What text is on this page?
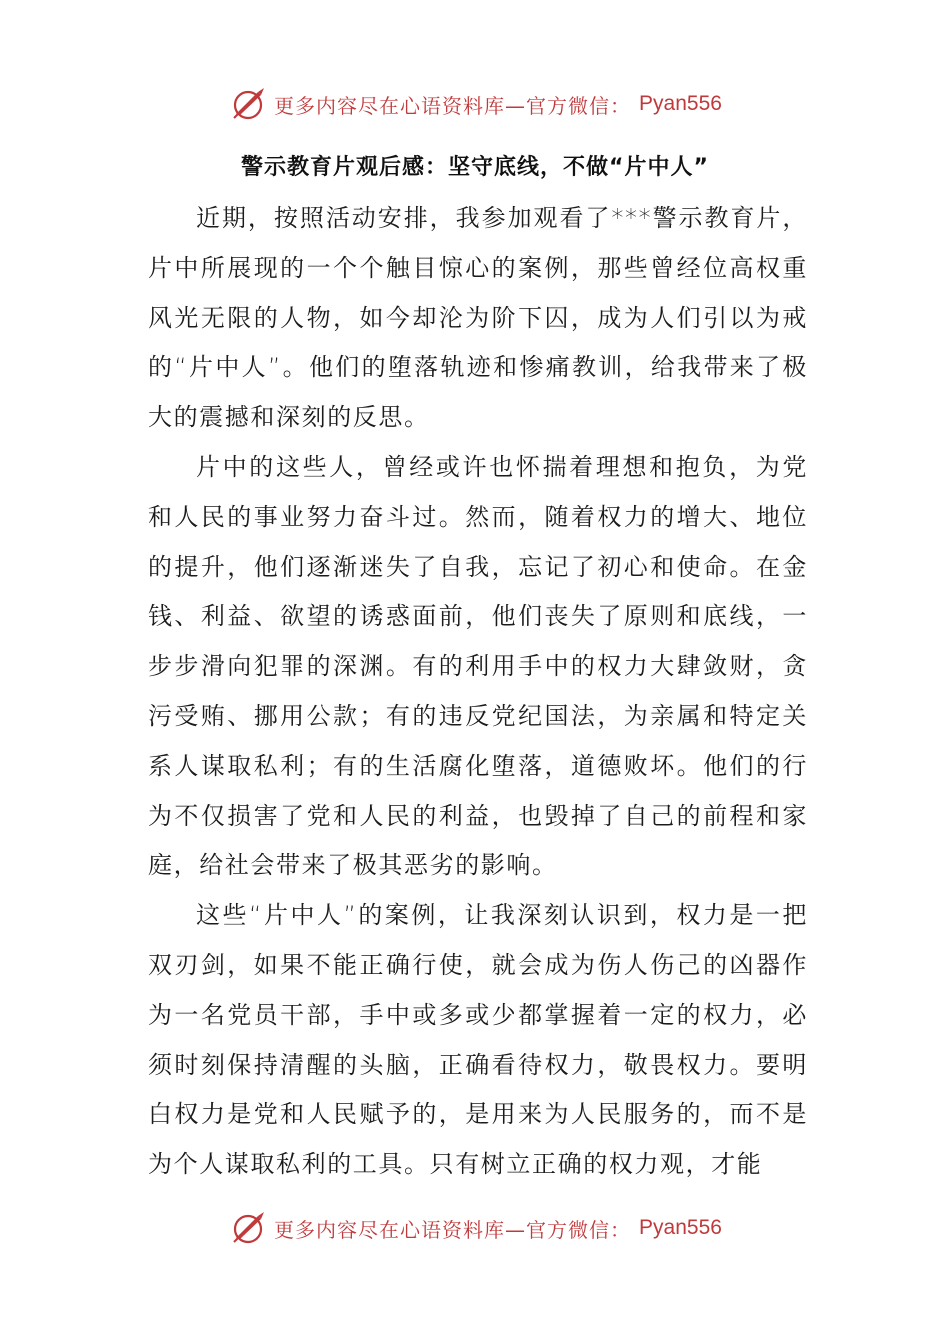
更多内容尽在心语资料库—官方微信： Pyan556
警示教育片观后感：坚守底线，不做“片中人”

近期，按照活动安排，我参加观看了***警示教育片，片中所展现的一个个触目惊心的案例，那些曾经位高权重风光无限的人物，如今却沦为阶下囚，成为人们引以为戒的“片中人”。他们的堕落轨迹和惨痛教训，给我带来了极大的震撼和深刻的反思。

片中的这些人，曾经或许也怀揣着理想和抱负，为党和人民的事业努力奋斗过。然而，随着权力的增大、地位的提升，他们逐渐迷失了自我，忘记了初心和使命。在金钱、利益、欲望的诱惑面前，他们丧失了原则和底线，一步步滑向犯罪的深渊。有的利用手中的权力大肆敛财，贪污受贿、挪用公款；有的违反党纪国法，为亲属和特定关系人谋取私利；有的生活腐化堕落，道德败坏。他们的行为不仅损害了党和人民的利益，也毁掉了自己的前程和家庭，给社会带来了极其恶劣的影响。

这些“片中人”的案例，让我深刻认识到，权力是一把双刃剑，如果不能正确行使，就会成为伤人伤己的凶器作为一名党员干部，手中或多或少都掌握着一定的权力，必须时刻保持清醒的头脑，正确看待权力，敬畏权力。要明白权力是党和人民赋予的，是用来为人民服务的，而不是为个人谋取私利的工具。只有树立正确的权力观，才能

更多内容尽在心语资料库—官方微信： Pyan556
